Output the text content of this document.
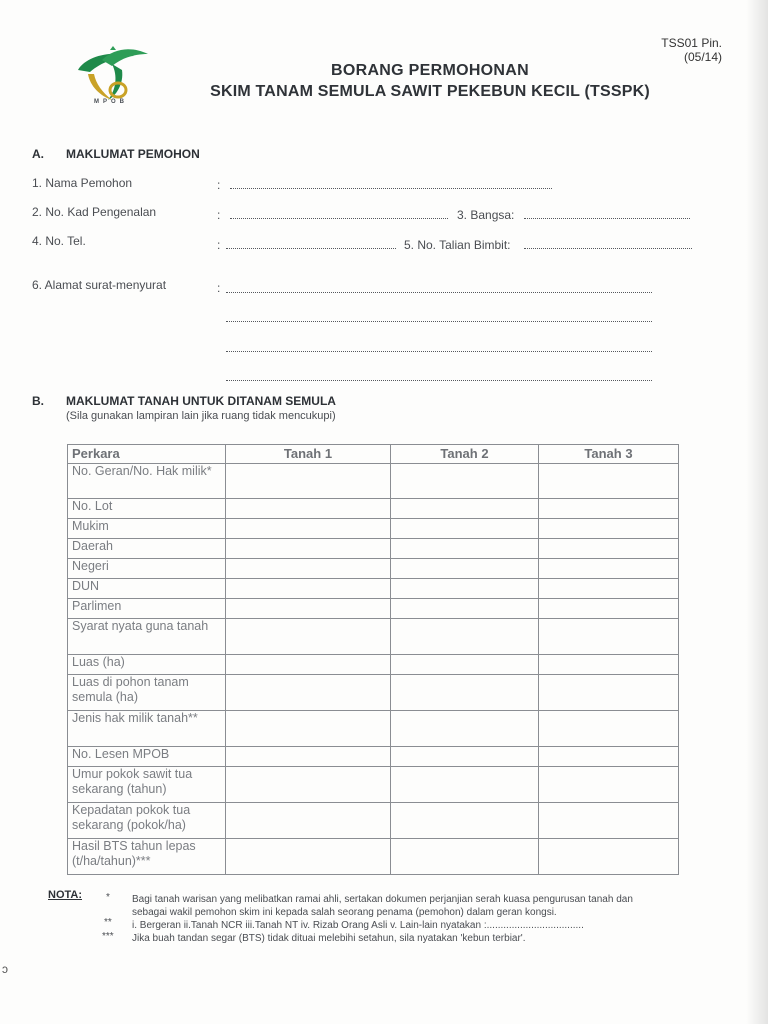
ↄ
MPOB
TSS01 Pin.
(05/14)
BORANG PERMOHONAN
SKIM TANAM SEMULA SAWIT PEKEBUN KECIL (TSSPK)
A. MAKLUMAT PEMOHON
1. Nama Pemohon	:
2. No. Kad Pengenalan	:	3. Bangsa:
4. No. Tel.	:	5. No. Talian Bimbit:
6. Alamat surat-menyurat	:
B. MAKLUMAT TANAH UNTUK DITANAM SEMULA
(Sila gunakan lampiran lain jika ruang tidak mencukupi)
Perkara	Tanah 1	Tanah 2	Tanah 3
No. Geran/No. Hak milik*			
No. Lot			
Mukim			
Daerah			
Negeri			
DUN			
Parlimen			
Syarat nyata guna tanah			
Luas (ha)			
Luas di pohon tanam semula (ha)			
Jenis hak milik tanah**			
No. Lesen MPOB			
Umur pokok sawit tua sekarang (tahun)			
Kepadatan pokok tua sekarang (pokok/ha)			
Hasil BTS tahun lepas (t/ha/tahun)***			
NOTA: * Bagi tanah warisan yang melibatkan ramai ahli, sertakan dokumen perjanjian serah kuasa pengurusan tanah dan
sebagai wakil pemohon skim ini kepada salah seorang penama (pemohon) dalam geran kongsi.
** i. Bergeran ii.Tanah NCR iii.Tanah NT iv. Rizab Orang Asli v. Lain-lain nyatakan :...................................
*** Jika buah tandan segar (BTS) tidak dituai melebihi setahun, sila nyatakan 'kebun terbiar'.
